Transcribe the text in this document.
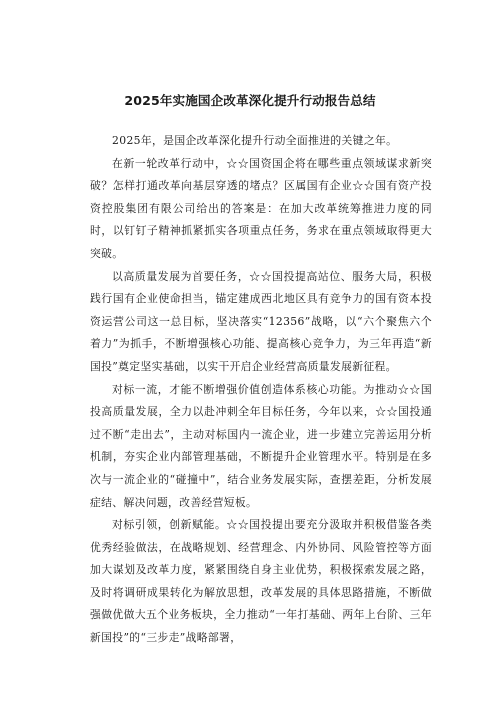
2025年实施国企改革深化提升行动报告总结

2025年，是国企改革深化提升行动全面推进的关键之年。

在新一轮改革行动中，☆☆国资国企将在哪些重点领域谋求新突破？怎样打通改革向基层穿透的堵点？区属国有企业☆☆国有资产投资控股集团有限公司给出的答案是：在加大改革统筹推进力度的同时，以钉钉子精神抓紧抓实各项重点任务，务求在重点领域取得更大突破。

以高质量发展为首要任务，☆☆国投提高站位、服务大局，积极践行国有企业使命担当，锚定建成西北地区具有竞争力的国有资本投资运营公司这一总目标，坚决落实“12356”战略，以“六个聚焦六个着力”为抓手，不断增强核心功能、提高核心竞争力，为三年再造“新国投”奠定坚实基础，以实干开启企业经营高质量发展新征程。

对标一流，才能不断增强价值创造体系核心功能。为推动☆☆国投高质量发展，全力以赴冲刺全年目标任务，今年以来，☆☆国投通过不断“走出去”，主动对标国内一流企业，进一步建立完善运用分析机制，夯实企业内部管理基础，不断提升企业管理水平。特别是在多次与一流企业的“碰撞中”，结合业务发展实际，查摆差距，分析发展症结、解决问题，改善经营短板。

对标引领，创新赋能。☆☆国投提出要充分汲取并积极借鉴各类优秀经验做法，在战略规划、经营理念、内外协同、风险管控等方面加大谋划及改革力度，紧紧围绕自身主业优势，积极探索发展之路，及时将调研成果转化为解放思想，改革发展的具体思路措施，不断做强做优做大五个业务板块，全力推动“一年打基础、两年上台阶、三年新国投”的“三步走”战略部署，
